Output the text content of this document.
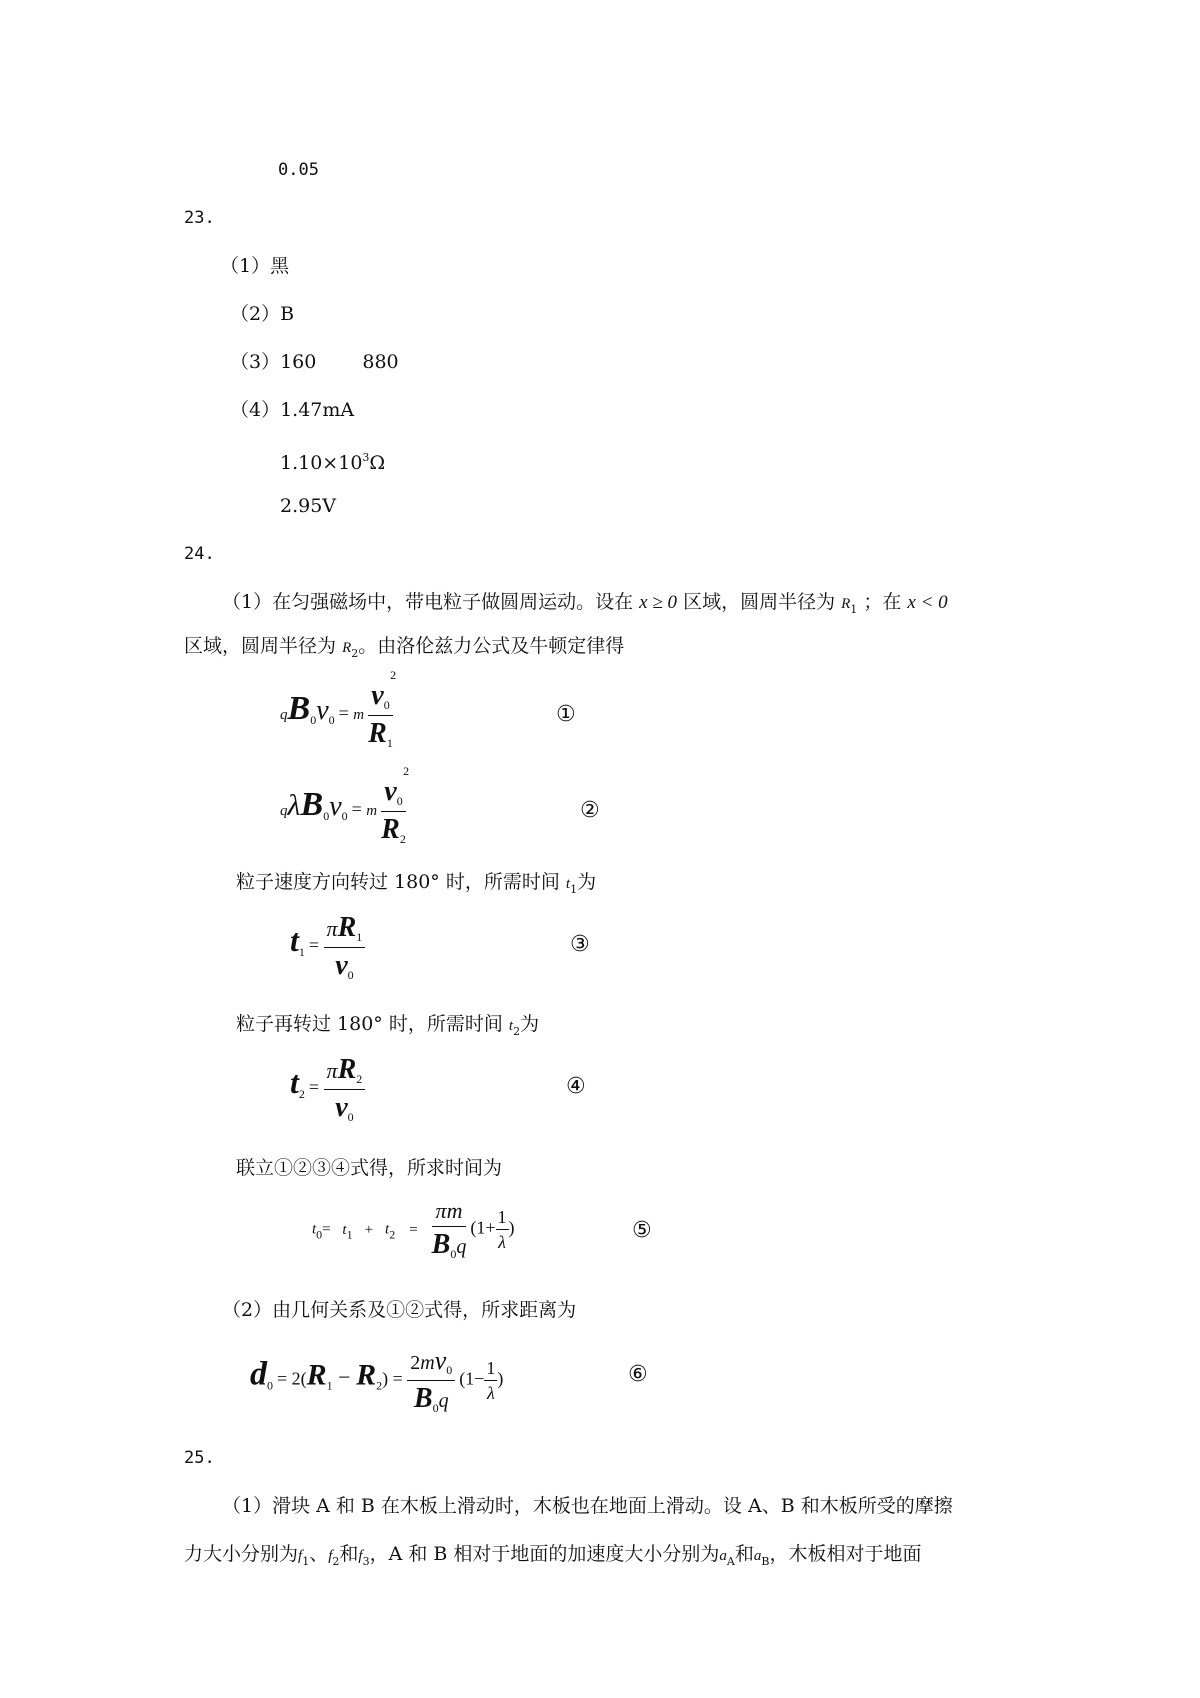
0.05
23.
（1）黑
（2）B
（3）160 880
（4）1.47mA
$1.10\times 10^3\Omega$
2.95V
24.
（1）在匀强磁场中，带电粒子做圆周运动。设在 x ≥ 0 区域，圆周半径为 $R_1$ ；在 x < 0
区域，圆周半径为 $R_2$。由洛伦兹力公式及牛顿定律得
$qB_0v_0 = m$ $v_0$
2
$R_1$	①
$q\lambda B_0v_0 = m$ $v_0$
2
$R_2$	②
粒子速度方向转过 180° 时，所需时间 $t_1$为
$t_1 = \frac{\pi R_1}{v_0}$	③
粒子再转过 180° 时，所需时间 $t_2$为
$t_2 = \frac{\pi R_2}{v_0}$	④
联立①②③④式得，所求时间为
$t_0= t_1 + t_2 = \frac{\pi m}{B_0q} (1+ \frac{1}{\lambda}$ )	⑤
（2）由几何关系及①②式得，所求距离为
$d_0 = 2(R_1 - R_2) = \frac{2mv_0}{B_0q} (1- \frac{1}{\lambda}$ )	⑥
25.
（1）滑块 A 和 B 在木板上滑动时，木板也在地面上滑动。设 A、B 和木板所受的摩擦
力大小分别为$f_1$、$f_2$和$f_3$，A 和 B 相对于地面的加速度大小分别为$a_A$和$a_B$，木板相对于地面
